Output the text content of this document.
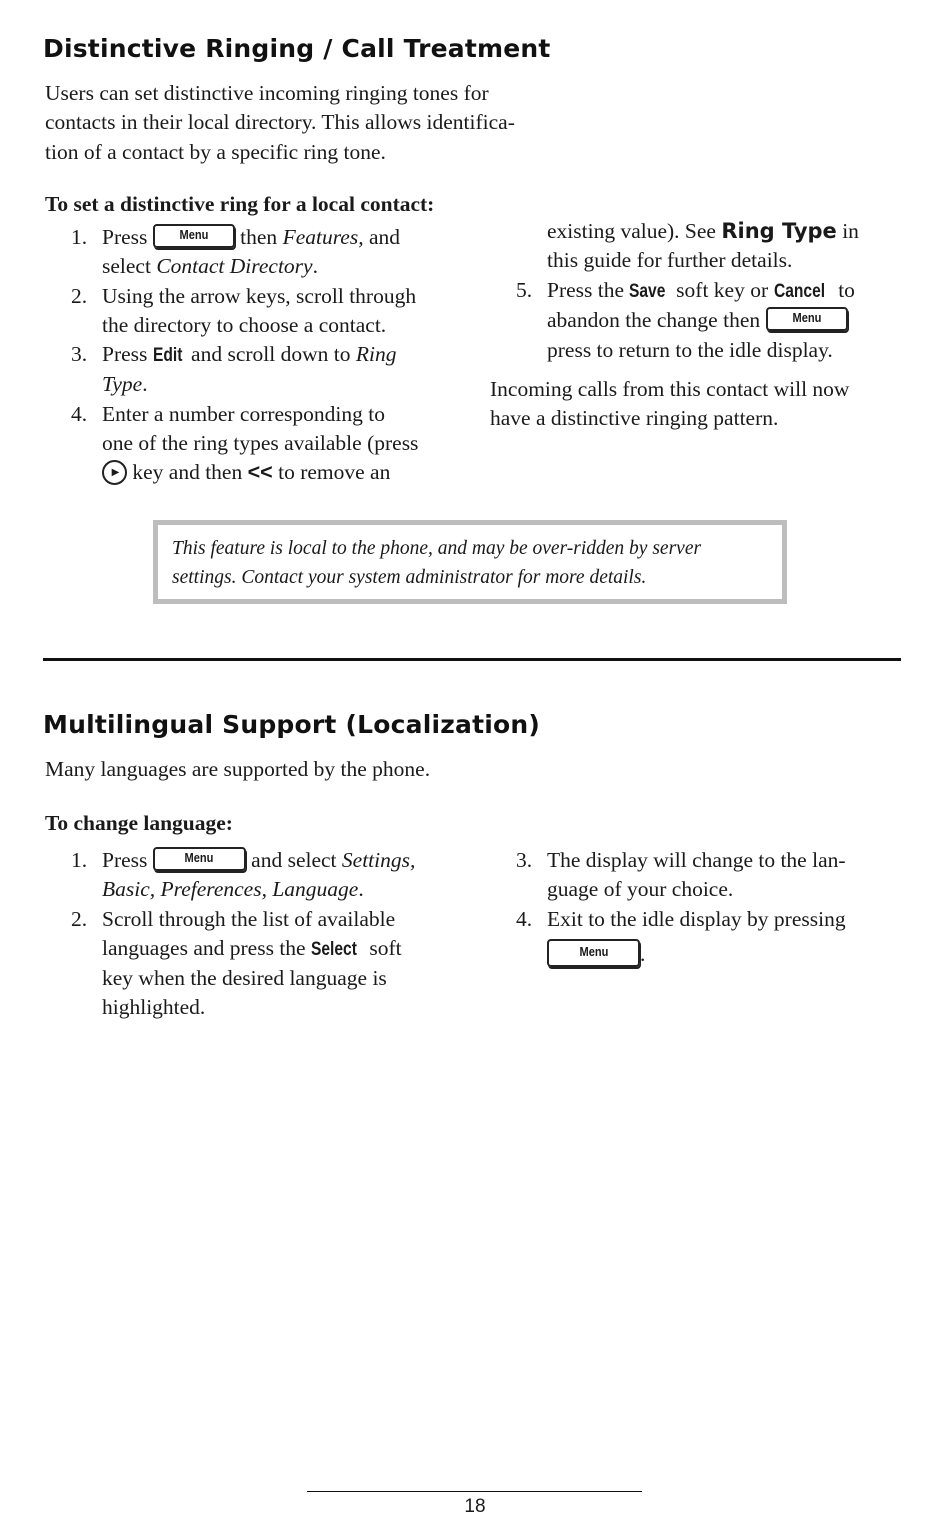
Distinctive Ringing / Call Treatment
Users can set distinctive incoming ringing tones for
contacts in their local directory. This allows identifica-
tion of a contact by a specific ring tone.
To set a distinctive ring for a local contact:
1. Press Menu then Features, and
select Contact Directory.
2. Using the arrow keys, scroll through
the directory to choose a contact.
3. Press Edit and scroll down to Ring
Type.
4. Enter a number corresponding to
one of the ring types available (press
▶ key and then << to remove an
existing value). See Ring Type in
this guide for further details.
5. Press the Save soft key or Cancel to
abandon the change then Menu
press to return to the idle display.
Incoming calls from this contact will now
have a distinctive ringing pattern.
This feature is local to the phone, and may be over-ridden by server
settings. Contact your system administrator for more details.
Multilingual Support (Localization)
Many languages are supported by the phone.
To change language:
1. Press	Menu and select Settings,
Basic, Preferences, Language.
2. Scroll through the list of available
languages and press the Select soft
key when the desired language is
highlighted.
3. The display will change to the lan-
guage of your choice.
4. Exit to the idle display by pressing
Menu .
18
